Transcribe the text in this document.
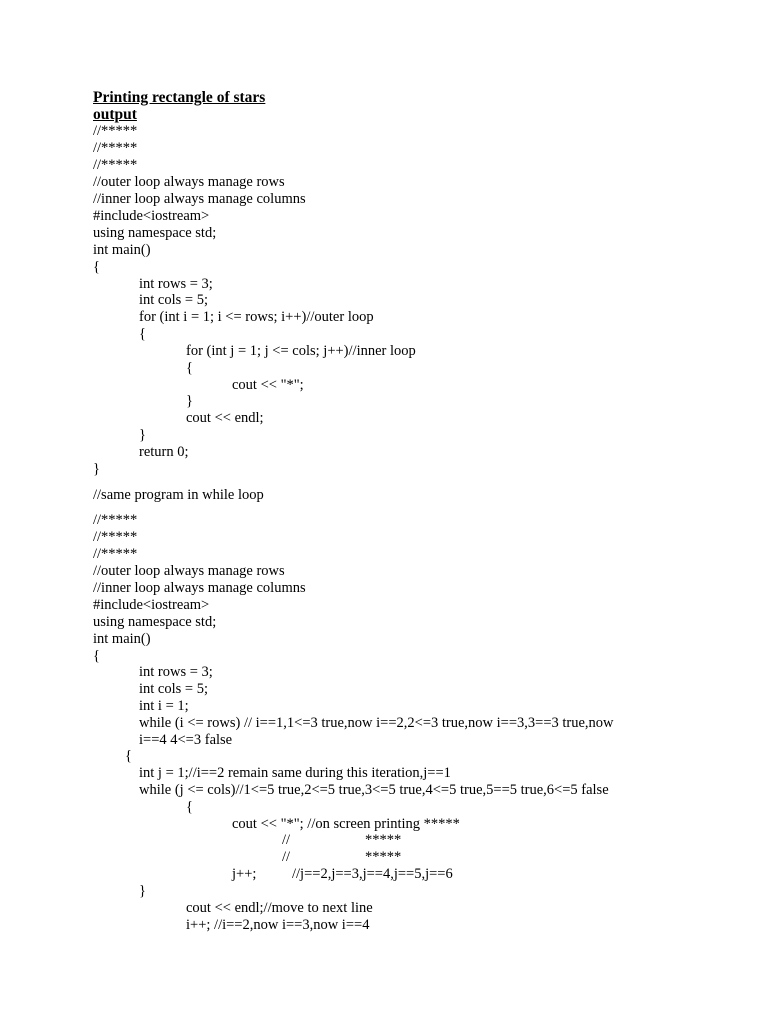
Printing rectangle of stars
output
//*****
//*****
//*****
//outer loop always manage rows
//inner loop always manage columns
#include<iostream>
using namespace std;
int main()
{
int rows = 3;
int cols = 5;
for (int i = 1; i <= rows; i++)//outer loop
{
for (int j = 1; j <= cols; j++)//inner loop
{
cout << "*";
}
cout << endl;
}
return 0;
}
//same program in while loop
//*****
//*****
//*****
//outer loop always manage rows
//inner loop always manage columns
#include<iostream>
using namespace std;
int main()
{
int rows = 3;
int cols = 5;
int i = 1;
while (i <= rows) // i==1,1<=3 true,now i==2,2<=3 true,now i==3,3==3 true,now
i==4 4<=3 false
{
int j = 1;//i==2 remain same during this iteration,j==1
while (j <= cols)//1<=5 true,2<=5 true,3<=5 true,4<=5 true,5==5 true,6<=5 false
{
cout << "*"; //on screen printing *****
//	*****
//	*****
j++; //j==2,j==3,j==4,j==5,j==6
}
cout << endl;//move to next line
i++; //i==2,now i==3,now i==4
